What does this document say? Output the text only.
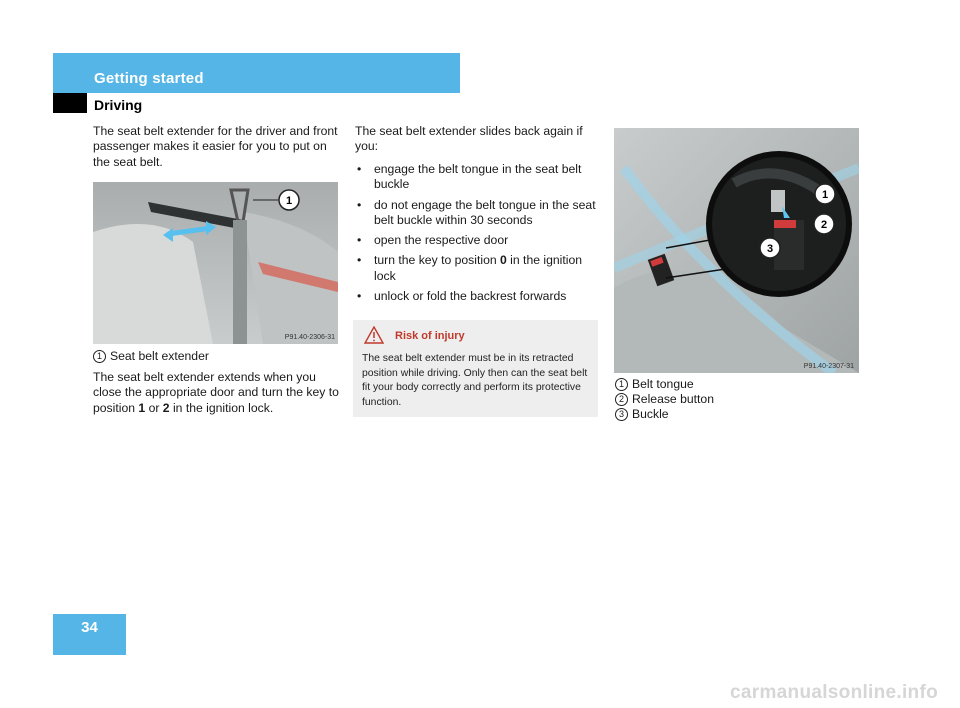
Getting started
Driving
The seat belt extender for the driver and front passenger makes it easier for you to put on the seat belt.
1
P91.40-2306-31
1 Seat belt extender
The seat belt extender extends when you close the appropriate door and turn the key to position 1 or 2 in the ignition lock.
The seat belt extender slides back again if you:
• engage the belt tongue in the seat belt buckle
• do not engage the belt tongue in the seat belt buckle within 30 seconds
• open the respective door
• turn the key to position 0 in the ignition lock
• unlock or fold the backrest forwards
Risk of injury
The seat belt extender must be in its retracted position while driving. Only then can the seat belt fit your body correctly and perform its protective function.
1
2
3
P91.40-2307-31
1 Belt tongue
2 Release button
3 Buckle
34
carmanualsonline.info
